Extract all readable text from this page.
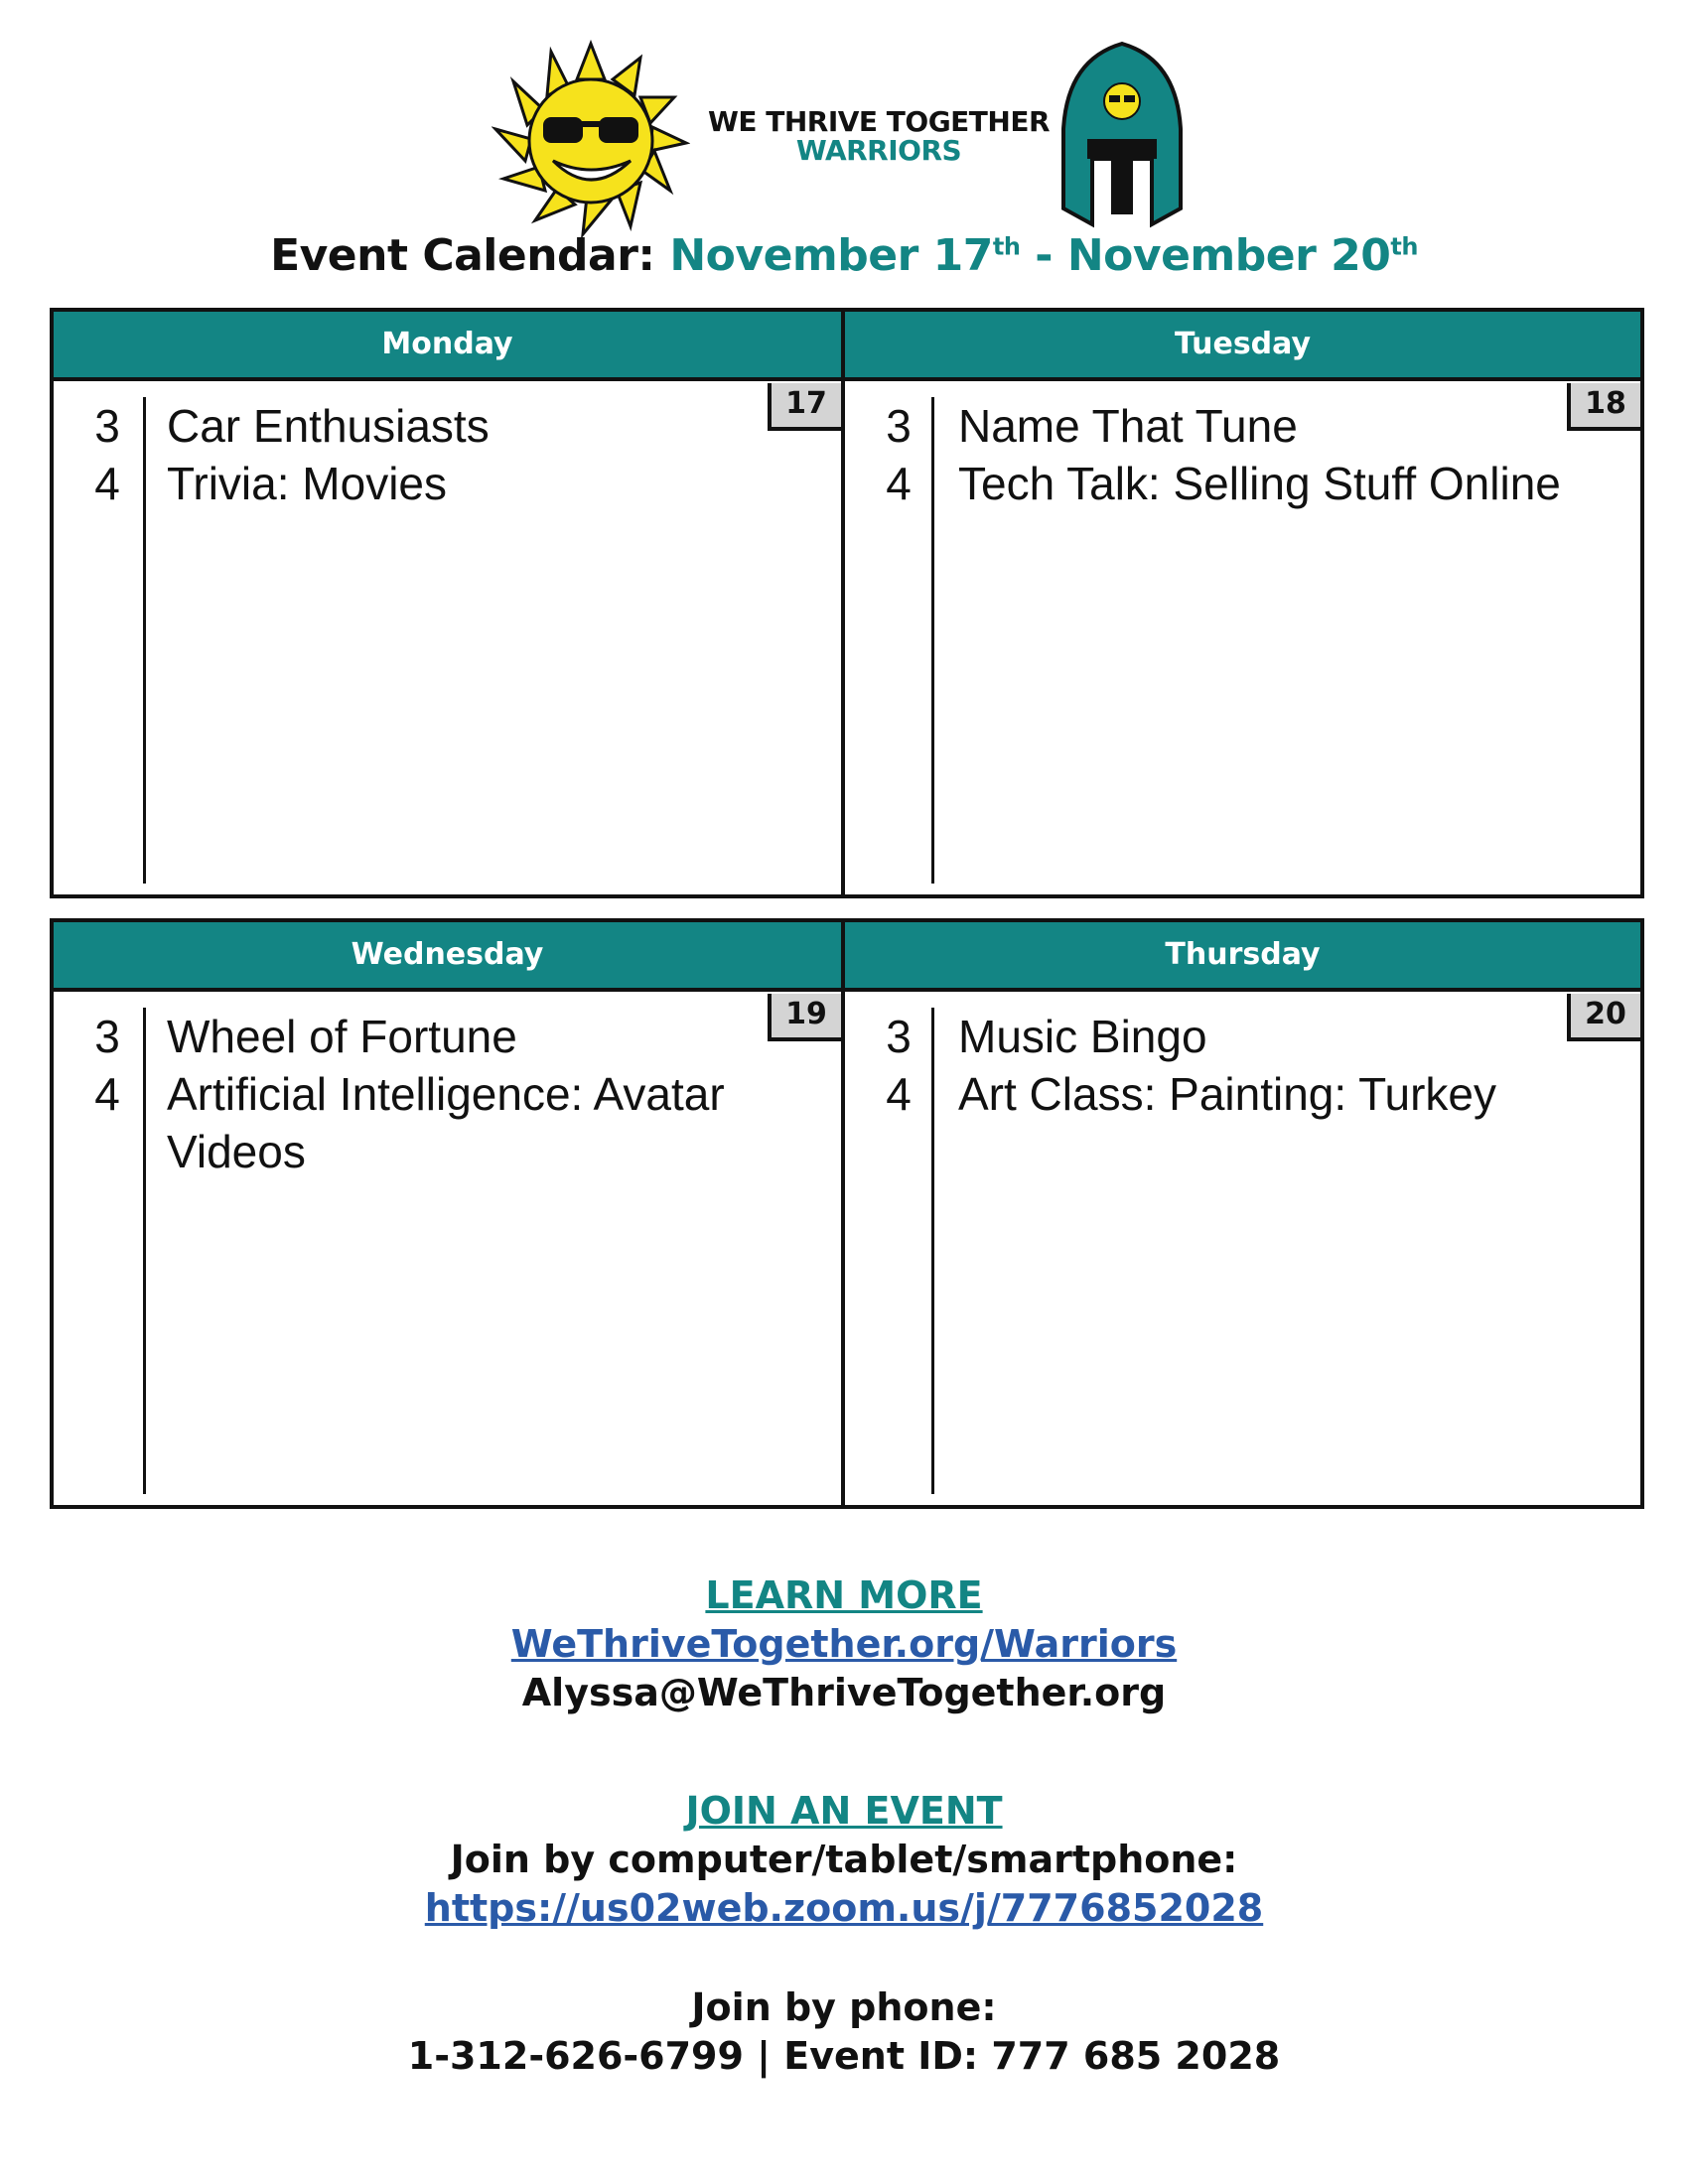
WE THRIVE TOGETHER
WARRIORS
Event Calendar: November 17th - November 20th
Monday
17
3	Car Enthusiasts
4	Trivia: Movies
Tuesday
18
3	Name That Tune
4	Tech Talk: Selling Stuff Online
Wednesday
19
3	Wheel of Fortune
4	Artificial Intelligence: Avatar Videos
Thursday
20
3	Music Bingo
4	Art Class: Painting: Turkey
LEARN MORE
WeThriveTogether.org/Warriors
Alyssa@WeThriveTogether.org
JOIN AN EVENT
Join by computer/tablet/smartphone:
https://us02web.zoom.us/j/7776852028
Join by phone:
1-312-626-6799 | Event ID: 777 685 2028
